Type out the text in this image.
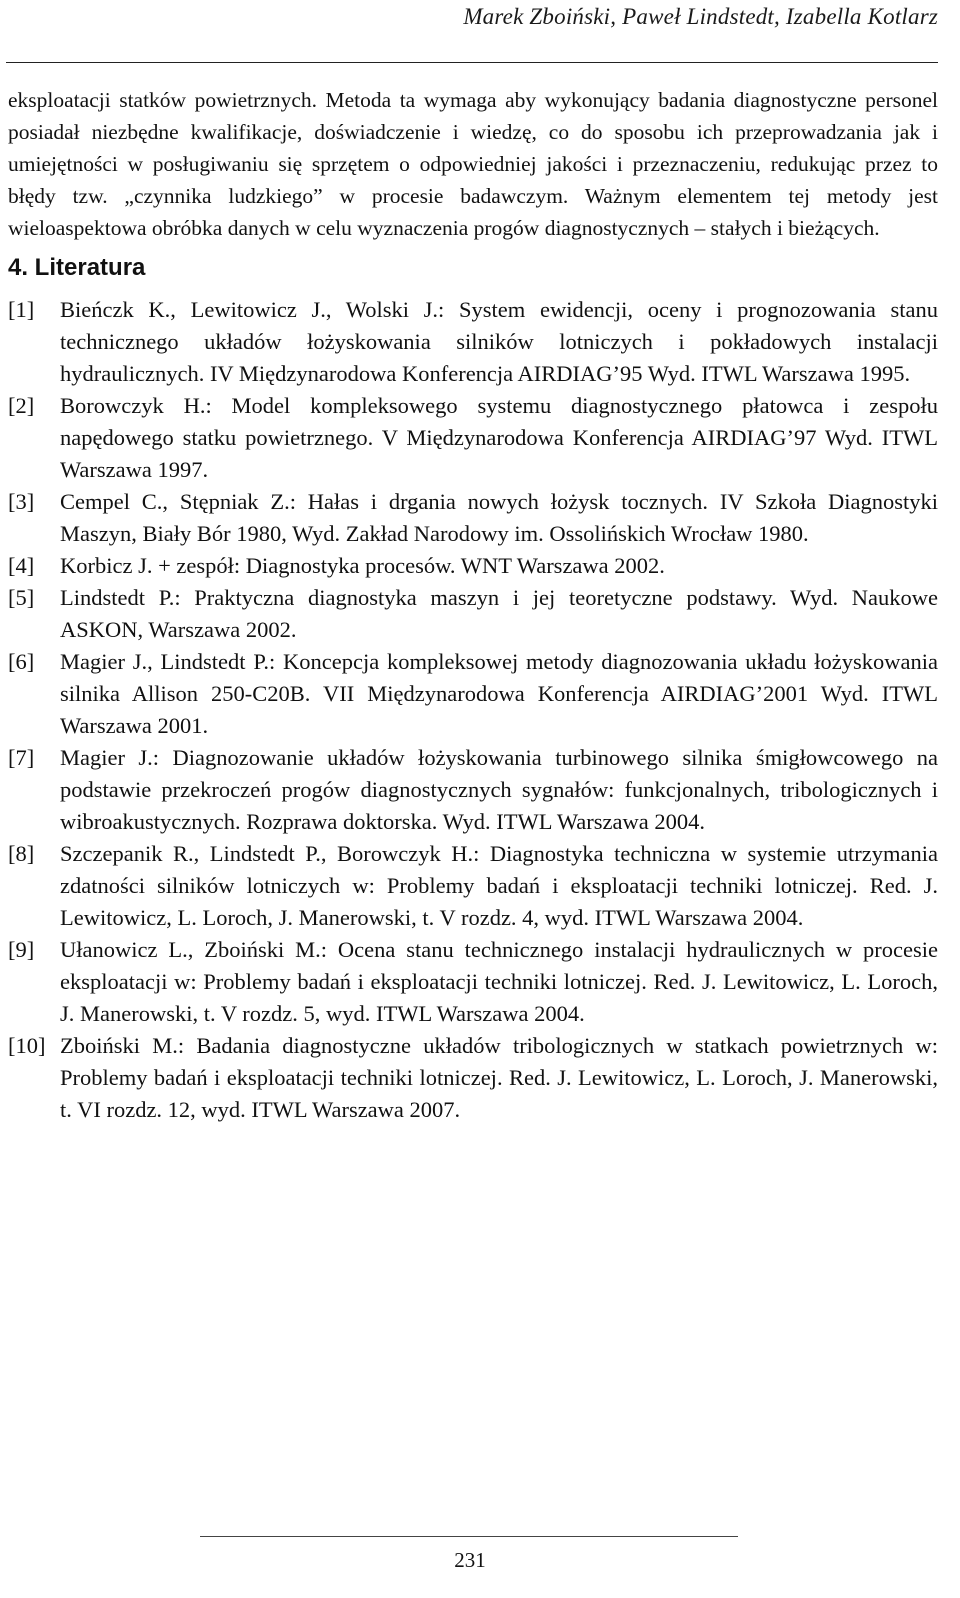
Marek Zboiński, Paweł Lindstedt, Izabella Kotlarz

eksploatacji statków powietrznych. Metoda ta wymaga aby wykonujący badania diagnostyczne personel posiadał niezbędne kwalifikacje, doświadczenie i wiedzę, co do sposobu ich przeprowadzania jak i umiejętności w posługiwaniu się sprzętem o odpowiedniej jakości i przeznaczeniu, redukując przez to błędy tzw. „czynnika ludzkiego” w procesie badawczym. Ważnym elementem tej metody jest wieloaspektowa obróbka danych w celu wyznaczenia progów diagnostycznych – stałych i bieżących.

4. Literatura
[1]	Bieńczk K., Lewitowicz J., Wolski J.: System ewidencji, oceny i prognozowania stanu technicznego układów łożyskowania silników lotniczych i pokładowych instalacji hydraulicznych. IV Międzynarodowa Konferencja AIRDIAG’95 Wyd. ITWL Warszawa 1995.
[2]	Borowczyk H.: Model kompleksowego systemu diagnostycznego płatowca i zespołu napędowego statku powietrznego. V Międzynarodowa Konferencja AIRDIAG’97 Wyd. ITWL Warszawa 1997.
[3]	Cempel C., Stępniak Z.: Hałas i drgania nowych łożysk tocznych. IV Szkoła Diagnostyki Maszyn, Biały Bór 1980, Wyd. Zakład Narodowy im. Ossolińskich Wrocław 1980.
[4]	Korbicz J. + zespół: Diagnostyka procesów. WNT Warszawa 2002.
[5]	Lindstedt P.: Praktyczna diagnostyka maszyn i jej teoretyczne podstawy. Wyd. Naukowe ASKON, Warszawa 2002.
[6]	Magier J., Lindstedt P.: Koncepcja kompleksowej metody diagnozowania układu łożyskowania silnika Allison 250-C20B. VII Międzynarodowa Konferencja AIRDIAG’2001 Wyd. ITWL Warszawa 2001.
[7]	Magier J.: Diagnozowanie układów łożyskowania turbinowego silnika śmigłowcowego na podstawie przekroczeń progów diagnostycznych sygnałów: funkcjonalnych, tribologicznych i wibroakustycznych. Rozprawa doktorska. Wyd. ITWL Warszawa 2004.
[8]	Szczepanik R., Lindstedt P., Borowczyk H.: Diagnostyka techniczna w systemie utrzymania zdatności silników lotniczych w: Problemy badań i eksploatacji techniki lotniczej. Red. J. Lewitowicz, L. Loroch, J. Manerowski, t. V rozdz. 4, wyd. ITWL Warszawa 2004.
[9]	Ułanowicz L., Zboiński M.: Ocena stanu technicznego instalacji hydraulicznych w procesie eksploatacji w: Problemy badań i eksploatacji techniki lotniczej. Red. J. Lewitowicz, L. Loroch, J. Manerowski, t. V rozdz. 5, wyd. ITWL Warszawa 2004.
[10] Zboiński M.: Badania diagnostyczne układów tribologicznych w statkach powietrznych w: Problemy badań i eksploatacji techniki lotniczej. Red. J. Lewitowicz, L. Loroch, J. Manerowski, t. VI rozdz. 12, wyd. ITWL Warszawa 2007.
231
